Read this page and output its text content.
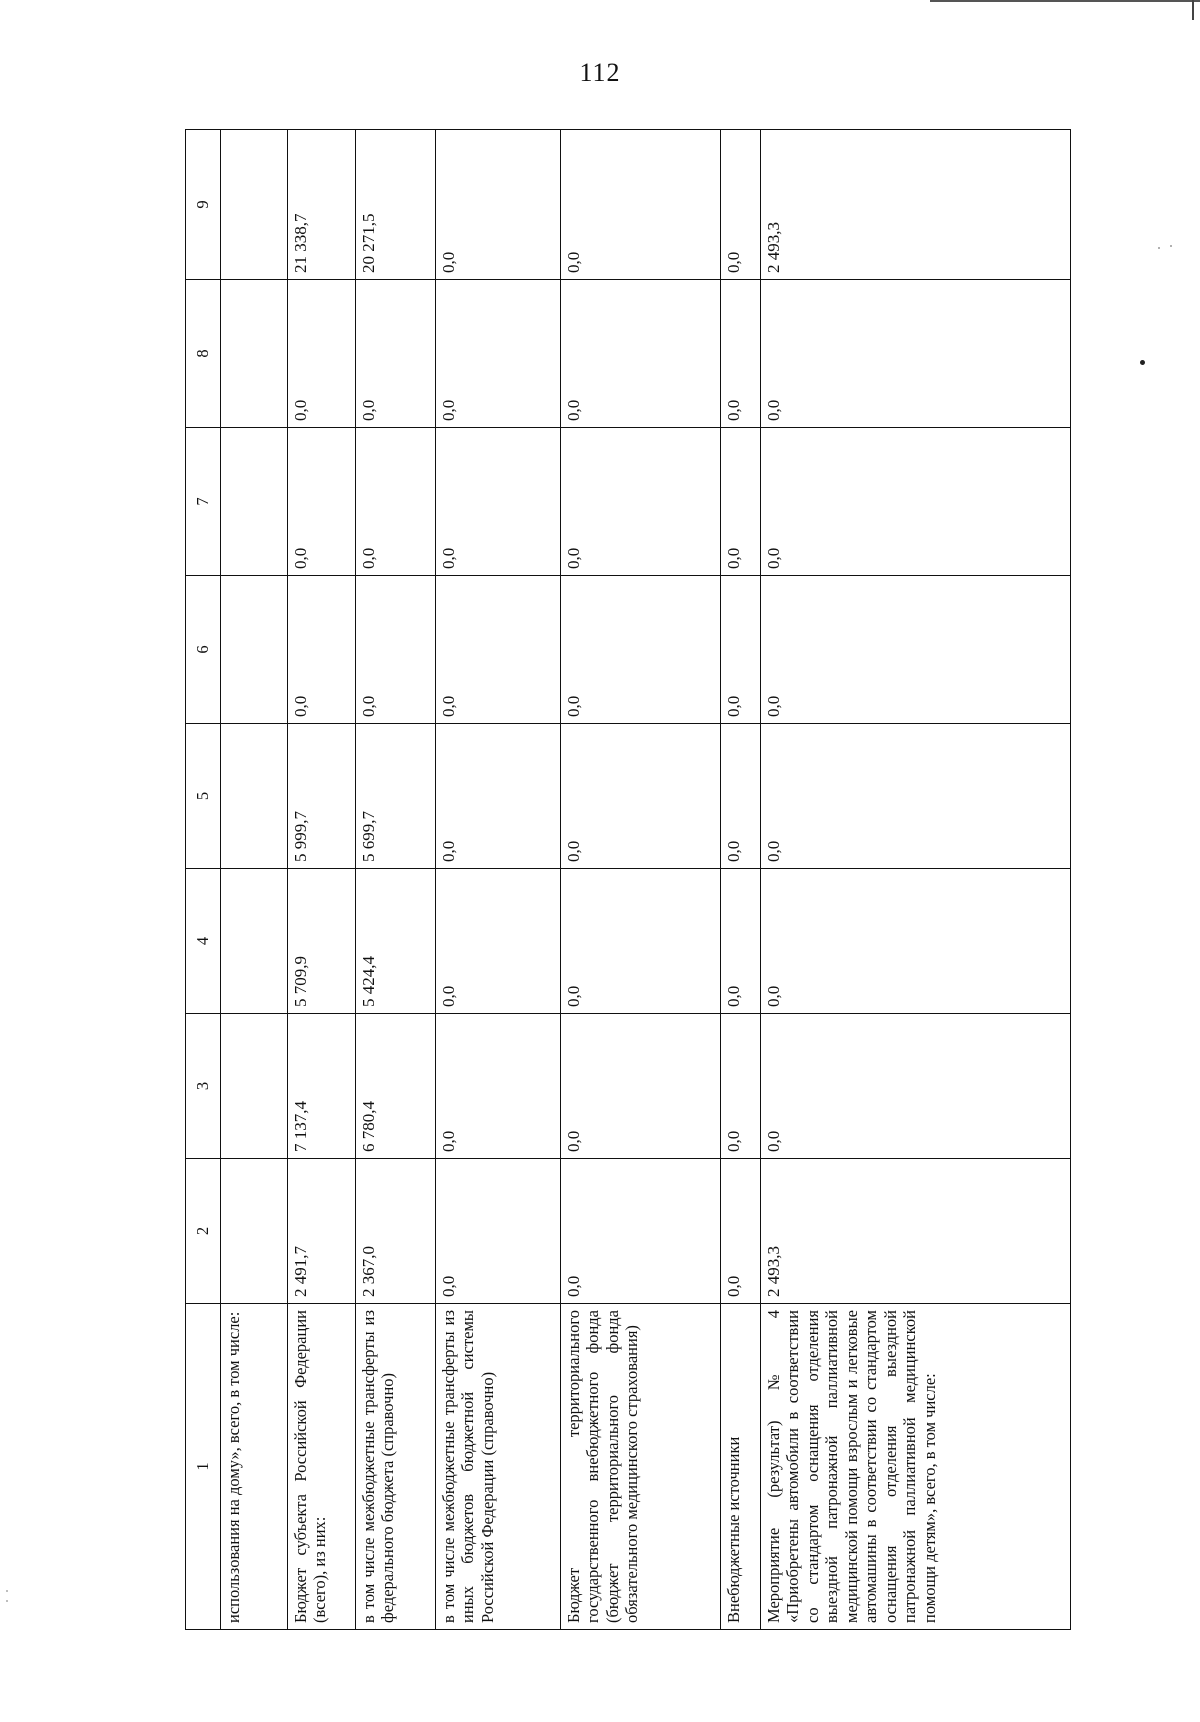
112
1	2	3	4	5	6	7	8	9
использования на дому», всего, в том числе:								
Бюджет субъекта Российской Федерации (всего), из них:	2 491,7	7 137,4	5 709,9	5 999,7	0,0	0,0	0,0	21 338,7
в том числе межбюджетные трансферты из федерального бюджета (справочно)	2 367,0	6 780,4	5 424,4	5 699,7	0,0	0,0	0,0	20 271,5
в том числе межбюджетные трансферты из иных бюджетов бюджетной системы Российской Федерации (справочно)	0,0	0,0	0,0	0,0	0,0	0,0	0,0	0,0
Бюджет территориального государственного внебюджетного фонда (бюджет территориального фонда обязательного медицинского страхования)	0,0	0,0	0,0	0,0	0,0	0,0	0,0	0,0
Внебюджетные источники	0,0	0,0	0,0	0,0	0,0	0,0	0,0	0,0
Мероприятие (результат) № 4 «Приобретены автомобили в соответствии со стандартом оснащения отделения выездной патронажной паллиативной медицинской помощи взрослым и легковые автомашины в соответствии со стандартом оснащения отделения выездной патронажной паллиативной медицинской помощи детям», всего, в том числе:	2 493,3	0,0	0,0	0,0	0,0	0,0	0,0	2 493,3
